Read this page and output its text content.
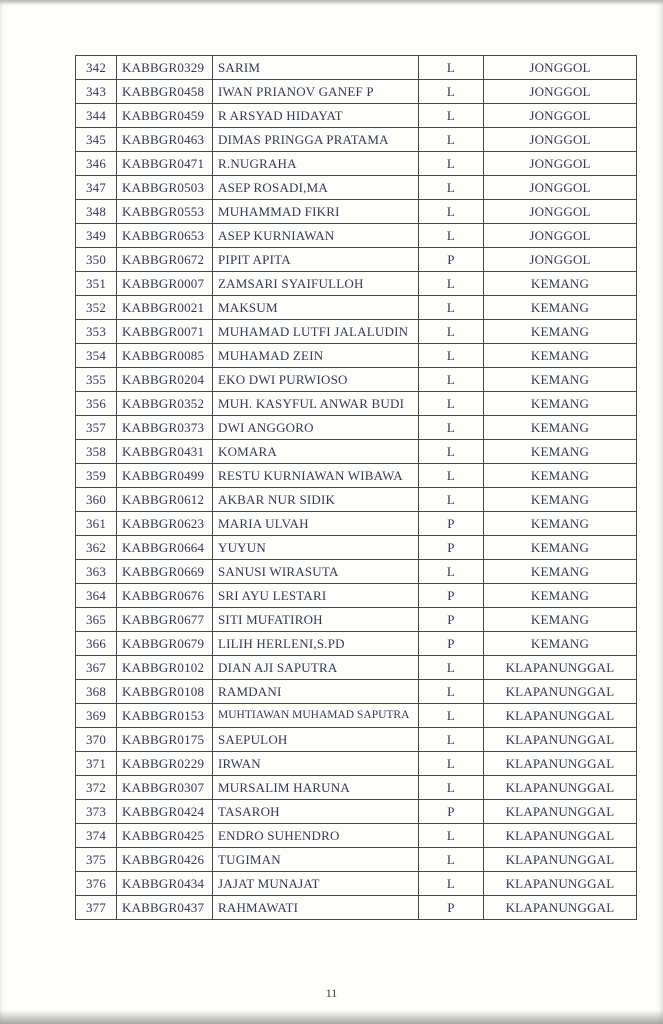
342	KABBGR0329	SARIM	L	JONGGOL
343	KABBGR0458	IWAN PRIANOV GANEF P	L	JONGGOL
344	KABBGR0459	R ARSYAD HIDAYAT	L	JONGGOL
345	KABBGR0463	DIMAS PRINGGA PRATAMA	L	JONGGOL
346	KABBGR0471	R.NUGRAHA	L	JONGGOL
347	KABBGR0503	ASEP ROSADI,MA	L	JONGGOL
348	KABBGR0553	MUHAMMAD FIKRI	L	JONGGOL
349	KABBGR0653	ASEP KURNIAWAN	L	JONGGOL
350	KABBGR0672	PIPIT APITA	P	JONGGOL
351	KABBGR0007	ZAMSARI SYAIFULLOH	L	KEMANG
352	KABBGR0021	MAKSUM	L	KEMANG
353	KABBGR0071	MUHAMAD LUTFI JALALUDIN	L	KEMANG
354	KABBGR0085	MUHAMAD ZEIN	L	KEMANG
355	KABBGR0204	EKO DWI PURWIOSO	L	KEMANG
356	KABBGR0352	MUH. KASYFUL ANWAR BUDI	L	KEMANG
357	KABBGR0373	DWI ANGGORO	L	KEMANG
358	KABBGR0431	KOMARA	L	KEMANG
359	KABBGR0499	RESTU KURNIAWAN WIBAWA	L	KEMANG
360	KABBGR0612	AKBAR NUR SIDIK	L	KEMANG
361	KABBGR0623	MARIA ULVAH	P	KEMANG
362	KABBGR0664	YUYUN	P	KEMANG
363	KABBGR0669	SANUSI WIRASUTA	L	KEMANG
364	KABBGR0676	SRI AYU LESTARI	P	KEMANG
365	KABBGR0677	SITI MUFATIROH	P	KEMANG
366	KABBGR0679	LILIH HERLENI,S.PD	P	KEMANG
367	KABBGR0102	DIAN AJI SAPUTRA	L	KLAPANUNGGAL
368	KABBGR0108	RAMDANI	L	KLAPANUNGGAL
369	KABBGR0153	MUHTIAWAN MUHAMAD SAPUTRA	L	KLAPANUNGGAL
370	KABBGR0175	SAEPULOH	L	KLAPANUNGGAL
371	KABBGR0229	IRWAN	L	KLAPANUNGGAL
372	KABBGR0307	MURSALIM HARUNA	L	KLAPANUNGGAL
373	KABBGR0424	TASAROH	P	KLAPANUNGGAL
374	KABBGR0425	ENDRO SUHENDRO	L	KLAPANUNGGAL
375	KABBGR0426	TUGIMAN	L	KLAPANUNGGAL
376	KABBGR0434	JAJAT MUNAJAT	L	KLAPANUNGGAL
377	KABBGR0437	RAHMAWATI	P	KLAPANUNGGAL
11
